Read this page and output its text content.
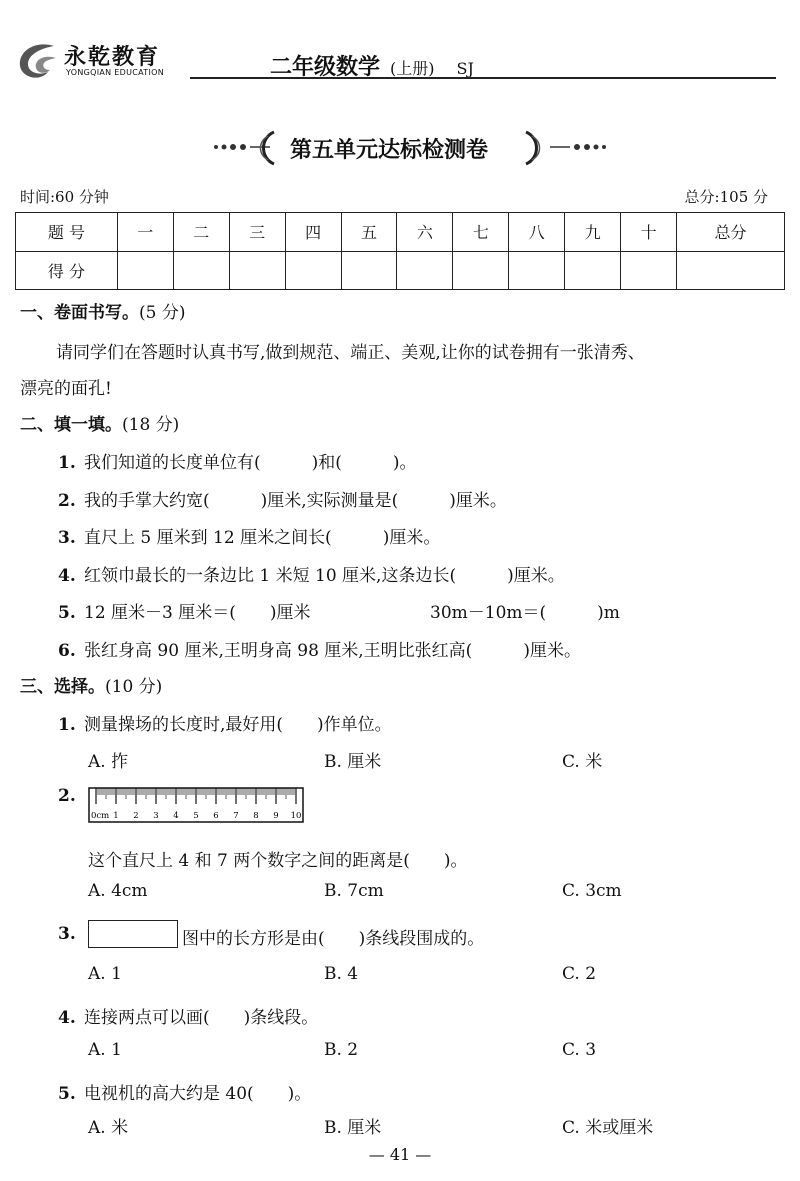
永乾教育
YONGQIAN EDUCATION	二年级数学 (上册) SJ
第五单元达标检测卷
时间:60 分钟	总分:105 分
题 号	一	二	三	四	五	六	七	八	九	十	总分
得 分											
一、卷面书写。(5 分)
请同学们在答题时认真书写,做到规范、端正、美观,让你的试卷拥有一张清秀、
漂亮的面孔!
二、填一填。(18 分)
1. 我们知道的长度单位有(　　　)和(　　　)。
2. 我的手掌大约宽(　　　)厘米,实际测量是(　　　)厘米。
3. 直尺上 5 厘米到 12 厘米之间长(　　　)厘米。
4. 红领巾最长的一条边比 1 米短 10 厘米,这条边长(　　　)厘米。
5. 12 厘米－3 厘米＝(　　)厘米	30m－10m＝(　　　)m
6. 张红身高 90 厘米,王明身高 98 厘米,王明比张红高(　　　)厘米。
三、选择。(10 分)
1. 测量操场的长度时,最好用(　　)作单位。
A. 拃	B. 厘米	C. 米
2.
0cm 1 2 3 4 5 6 7 8 9 10
这个直尺上 4 和 7 两个数字之间的距离是(　　)。
A. 4cm	B. 7cm	C. 3cm
3.	图中的长方形是由(　　)条线段围成的。
A. 1	B. 4	C. 2
4. 连接两点可以画(　　)条线段。
A. 1	B. 2	C. 3
5. 电视机的高大约是 40(　　)。
A. 米	B. 厘米	C. 米或厘米
— 41 —
